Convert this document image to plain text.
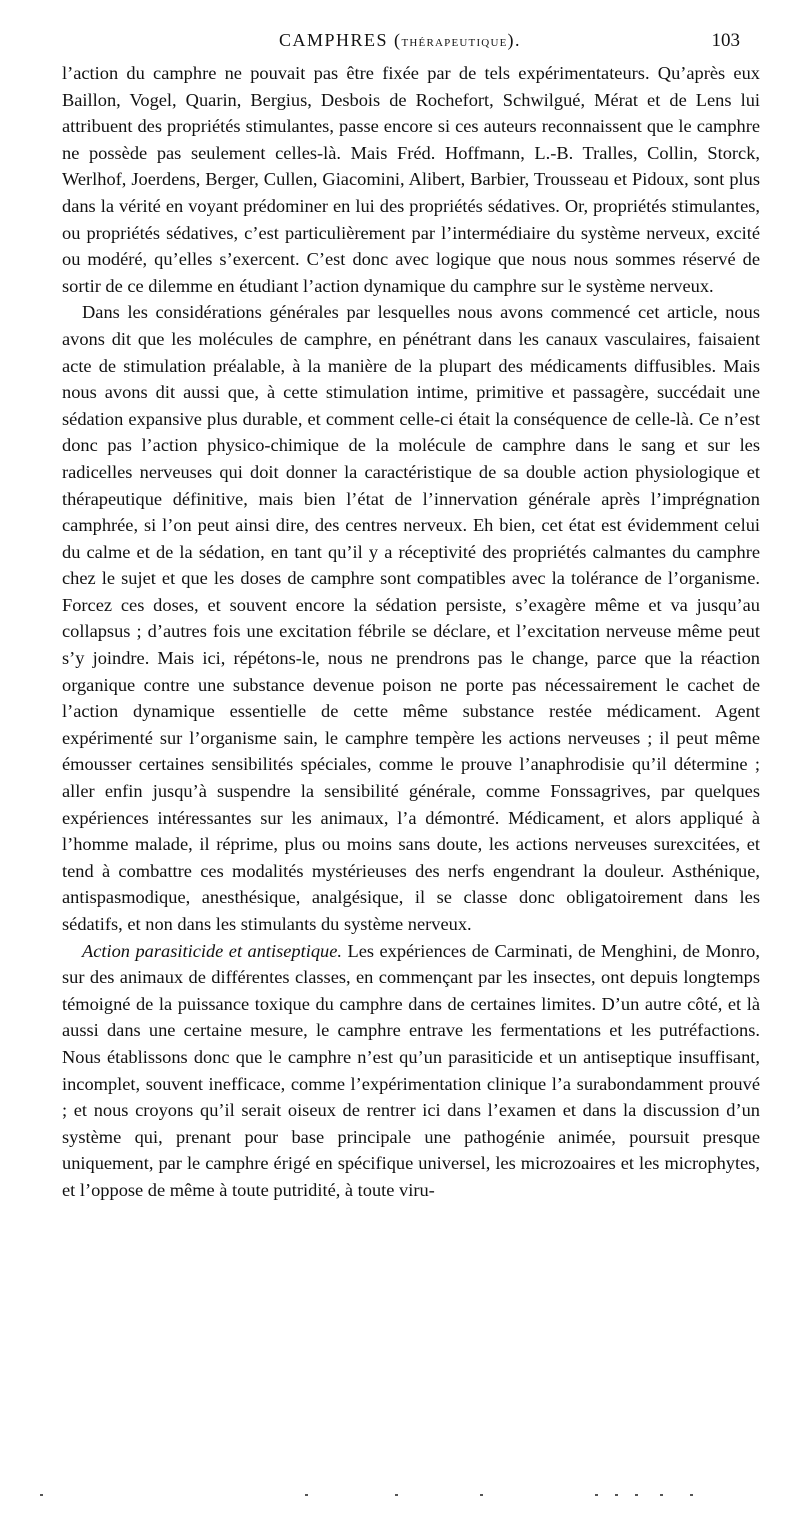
CAMPHRES (THÉRAPEUTIQUE).	103

l’action du camphre ne pouvait pas être fixée par de tels expérimentateurs. Qu’après eux Baillon, Vogel, Quarin, Bergius, Desbois de Rochefort, Schwilgué, Mérat et de Lens lui attribuent des propriétés stimulantes, passe encore si ces auteurs reconnaissent que le camphre ne possède pas seulement celles-là. Mais Fréd. Hoffmann, L.-B. Tralles, Collin, Storck, Werlhof, Joerdens, Berger, Cullen, Giacomini, Alibert, Barbier, Trousseau et Pidoux, sont plus dans la vérité en voyant prédominer en lui des propriétés sédatives. Or, propriétés stimulantes, ou propriétés sédatives, c’est particulièrement par l’intermédiaire du système nerveux, excité ou modéré, qu’elles s’exercent. C’est donc avec logique que nous nous sommes réservé de sortir de ce dilemme en étudiant l’action dynamique du camphre sur le système nerveux.

Dans les considérations générales par lesquelles nous avons commencé cet article, nous avons dit que les molécules de camphre, en pénétrant dans les canaux vasculaires, faisaient acte de stimulation préalable, à la manière de la plupart des médicaments diffusibles. Mais nous avons dit aussi que, à cette stimulation intime, primitive et passagère, succédait une sédation expansive plus durable, et comment celle-ci était la conséquence de celle-là. Ce n’est donc pas l’action physico-chimique de la molécule de camphre dans le sang et sur les radicelles nerveuses qui doit donner la caractéristique de sa double action physiologique et thérapeutique définitive, mais bien l’état de l’innervation générale après l’imprégnation camphrée, si l’on peut ainsi dire, des centres nerveux. Eh bien, cet état est évidemment celui du calme et de la sédation, en tant qu’il y a réceptivité des propriétés calmantes du camphre chez le sujet et que les doses de camphre sont compatibles avec la tolérance de l’organisme. Forcez ces doses, et souvent encore la sédation persiste, s’exagère même et va jusqu’au collapsus ; d’autres fois une excitation fébrile se déclare, et l’excitation nerveuse même peut s’y joindre. Mais ici, répétons-le, nous ne prendrons pas le change, parce que la réaction organique contre une substance devenue poison ne porte pas nécessairement le cachet de l’action dynamique essentielle de cette même substance restée médicament. Agent expérimenté sur l’organisme sain, le camphre tempère les actions nerveuses ; il peut même émousser certaines sensibilités spéciales, comme le prouve l’anaphrodisie qu’il détermine ; aller enfin jusqu’à suspendre la sensibilité générale, comme Fonssagrives, par quelques expériences intéressantes sur les animaux, l’a démontré. Médicament, et alors appliqué à l’homme malade, il réprime, plus ou moins sans doute, les actions nerveuses surexcitées, et tend à combattre ces modalités mystérieuses des nerfs engendrant la douleur. Asthénique, antispasmodique, anesthésique, analgésique, il se classe donc obligatoirement dans les sédatifs, et non dans les stimulants du système nerveux.

Action parasiticide et antiseptique. Les expériences de Carminati, de Menghini, de Monro, sur des animaux de différentes classes, en commençant par les insectes, ont depuis longtemps témoigné de la puissance toxique du camphre dans de certaines limites. D’un autre côté, et là aussi dans une certaine mesure, le camphre entrave les fermentations et les putréfactions. Nous établissons donc que le camphre n’est qu’un parasiticide et un antiseptique insuffisant, incomplet, souvent inefficace, comme l’expérimentation clinique l’a surabondamment prouvé ; et nous croyons qu’il serait oiseux de rentrer ici dans l’examen et dans la discussion d’un système qui, prenant pour base principale une pathogénie animée, poursuit presque uniquement, par le camphre érigé en spécifique universel, les microzoaires et les microphytes, et l’oppose de même à toute putridité, à toute viru-
